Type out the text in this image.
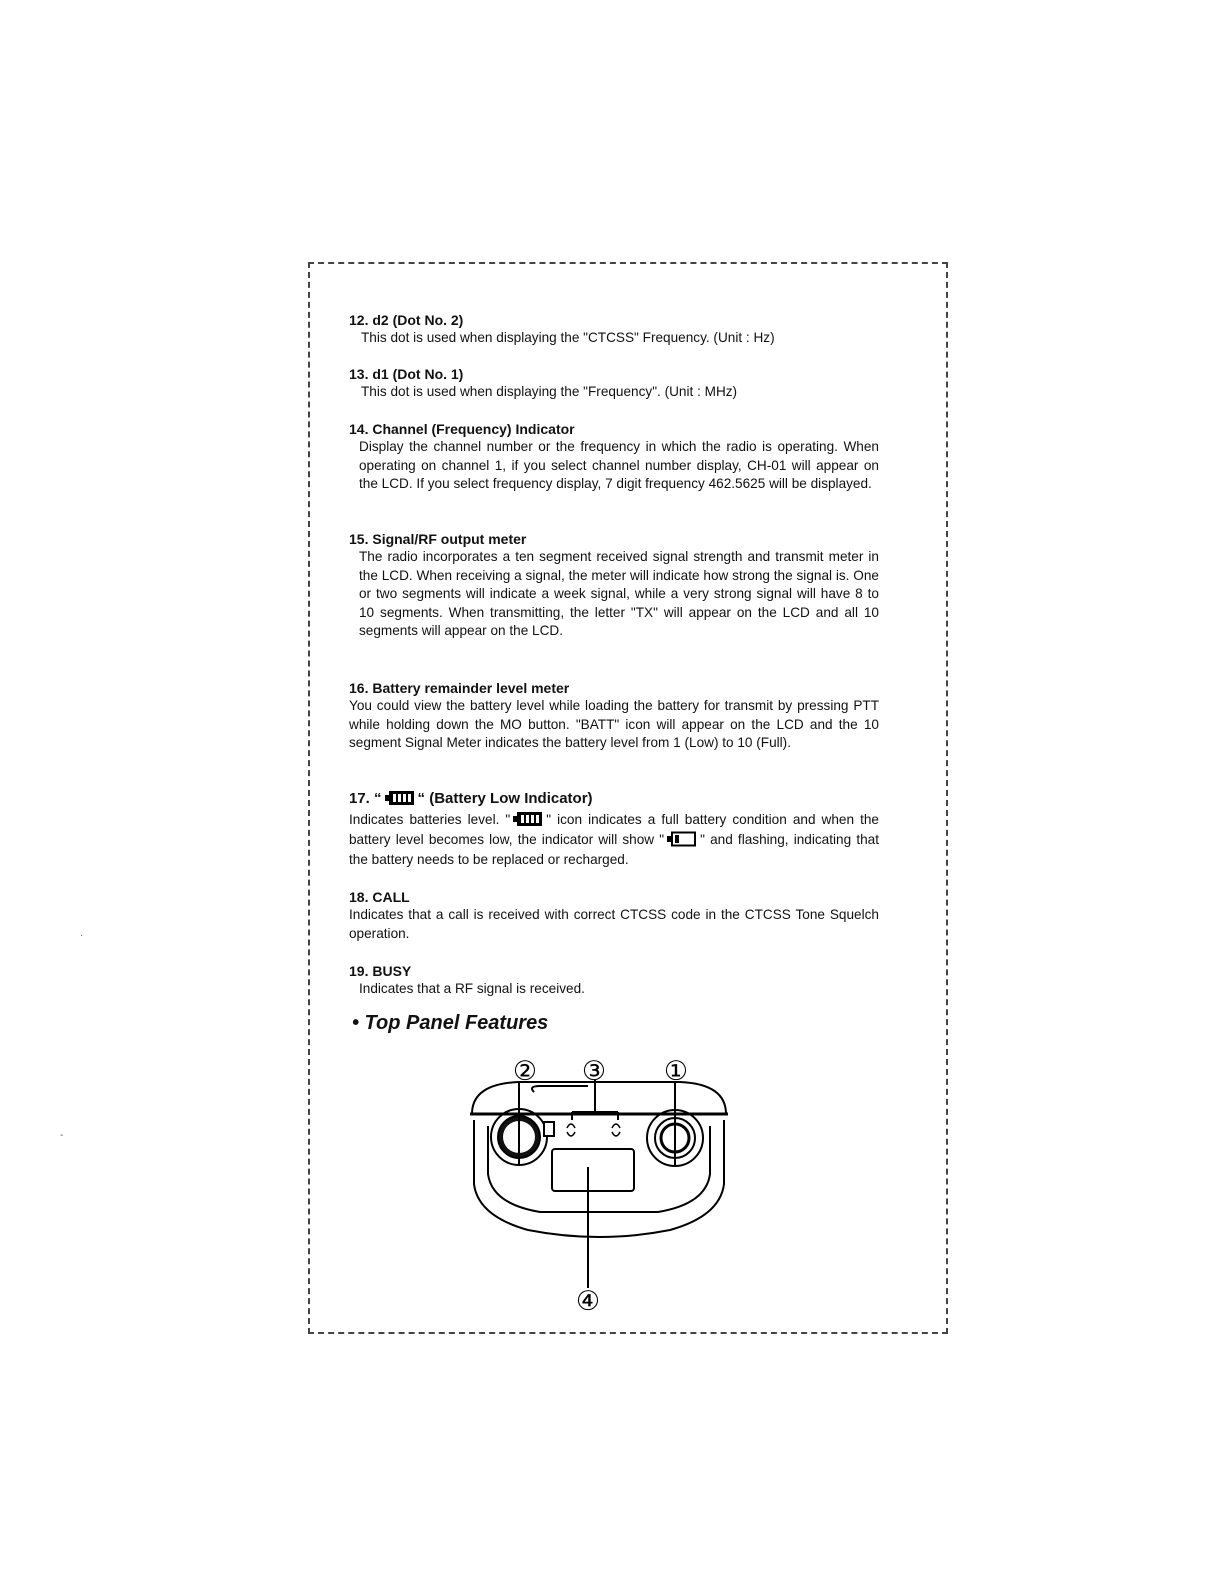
·
-
12. d2 (Dot No. 2)
This dot is used when displaying the "CTCSS" Frequency. (Unit : Hz)
13. d1 (Dot No. 1)
This dot is used when displaying the "Frequency". (Unit : MHz)
14. Channel (Frequency) Indicator
Display the channel number or the frequency in which the radio is operating. When operating on channel 1, if you select channel number display, CH-01 will appear on the LCD. If you select frequency display, 7 digit frequency 462.5625 will be displayed.
15. Signal/RF output meter
The radio incorporates a ten segment received signal strength and transmit meter in the LCD. When receiving a signal, the meter will indicate how strong the signal is. One or two segments will indicate a week signal, while a very strong signal will have 8 to 10 segments. When transmitting, the letter "TX" will appear on the LCD and all 10 segments will appear on the LCD.
16. Battery remainder level meter
You could view the battery level while loading the battery for transmit by pressing PTT while holding down the MO button. "BATT" icon will appear on the LCD and the 10 segment Signal Meter indicates the battery level from 1 (Low) to 10 (Full).
17. “ “ (Battery Low Indicator)
Indicates batteries level. "	" icon indicates a full battery condition and when the battery level becomes low, the indicator will show "	" and flashing, indicating that the battery needs to be replaced or recharged.
18. CALL
Indicates that a call is received with correct CTCSS code in the CTCSS Tone Squelch operation.
19. BUSY
Indicates that a RF signal is received.
• Top Panel Features
② ③ ①
④
